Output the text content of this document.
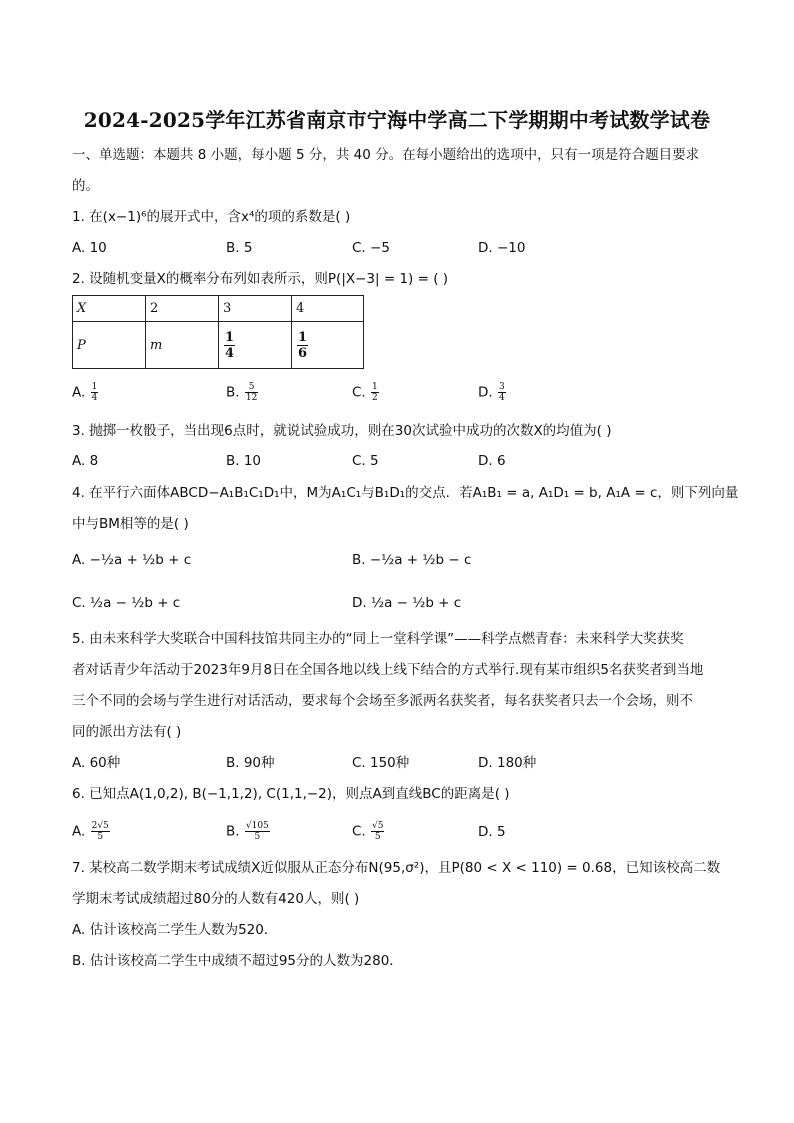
2024-2025学年江苏省南京市宁海中学高二下学期期中考试数学试卷
一、单选题：本题共 8 小题，每小题 5 分，共 40 分。在每小题给出的选项中，只有一项是符合题目要求
的。
1. 在(x−1)⁶的展开式中，含x⁴的项的系数是( )
A. 10	B. 5	C. −5	D. −10
2. 设随机变量X的概率分布列如表所示，则P(|X−3| = 1) = ( )
X	2	3	4
P	m	$\frac{1}{4}$	$\frac{1}{6}$
A. $\frac{1}{4}$	B. $\frac{5}{12}$	C. $\frac{1}{2}$	D. $\frac{3}{4}$
3. 抛掷一枚骰子，当出现6点时，就说试验成功，则在30次试验中成功的次数X的均值为( )
A. 8	B. 10	C. 5	D. 6
4. 在平行六面体ABCD−A₁B₁C₁D₁中，M为A₁C₁与B₁D₁的交点．若A₁B₁ = a, A₁D₁ = b, A₁A = c，则下列向量
中与BM相等的是( )
A. −½a + ½b + c	B. −½a + ½b − c
C. ½a − ½b + c	D. ½a − ½b + c
5. 由未来科学大奖联合中国科技馆共同主办的“同上一堂科学课”——科学点燃青春：未来科学大奖获奖
者对话青少年活动于2023年9月8日在全国各地以线上线下结合的方式举行.现有某市组织5名获奖者到当地
三个不同的会场与学生进行对话活动，要求每个会场至多派两名获奖者，每名获奖者只去一个会场，则不
同的派出方法有( )
A. 60种	B. 90种	C. 150种	D. 180种
6. 已知点A(1,0,2), B(−1,1,2), C(1,1,−2)，则点A到直线BC的距离是( )
A. $\frac{2√5}{5}$	B. $\frac{√105}{5}$	C. $\frac{√5}{5}$	D. 5
7. 某校高二数学期末考试成绩X近似服从正态分布N(95,σ²)，且P(80 < X < 110) = 0.68，已知该校高二数
学期末考试成绩超过80分的人数有420人，则( )
A. 估计该校高二学生人数为520．
B. 估计该校高二学生中成绩不超过95分的人数为280．
